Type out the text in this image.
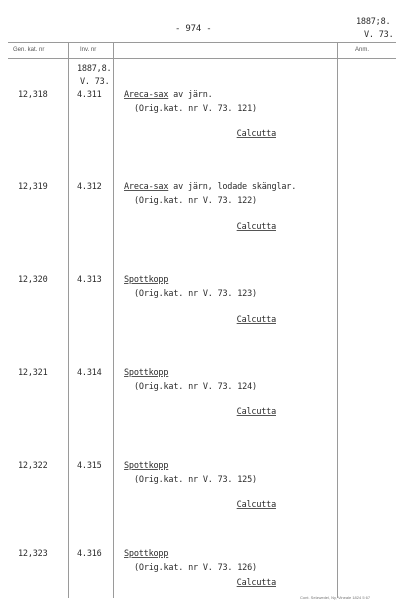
- 974 -
1887;8.
V. 73.
Gen. kat. nr	Inv. nr	Anm.
1887,8.
V. 73.
12,318	4.311	Areca-sax av järn.
(Orig.kat. nr V. 73. 121)
Calcutta
12,319	4.312	Areca-sax av järn, lodade skänglar.
(Orig.kat. nr V. 73. 122)
Calcutta
12,320	4.313	Spottkopp
(Orig.kat. nr V. 73. 123)
Calcutta
12,321	4.314	Spottkopp
(Orig.kat. nr V. 73. 124)
Calcutta
12,322	4.315	Spottkopp
(Orig.kat. nr V. 73. 125)
Calcutta
12,323	4.316	Spottkopp
(Orig.kat. nr V. 73. 126)
Calcutta
Cont. Selzwedel, Ny, Vineale 1824 5 67
